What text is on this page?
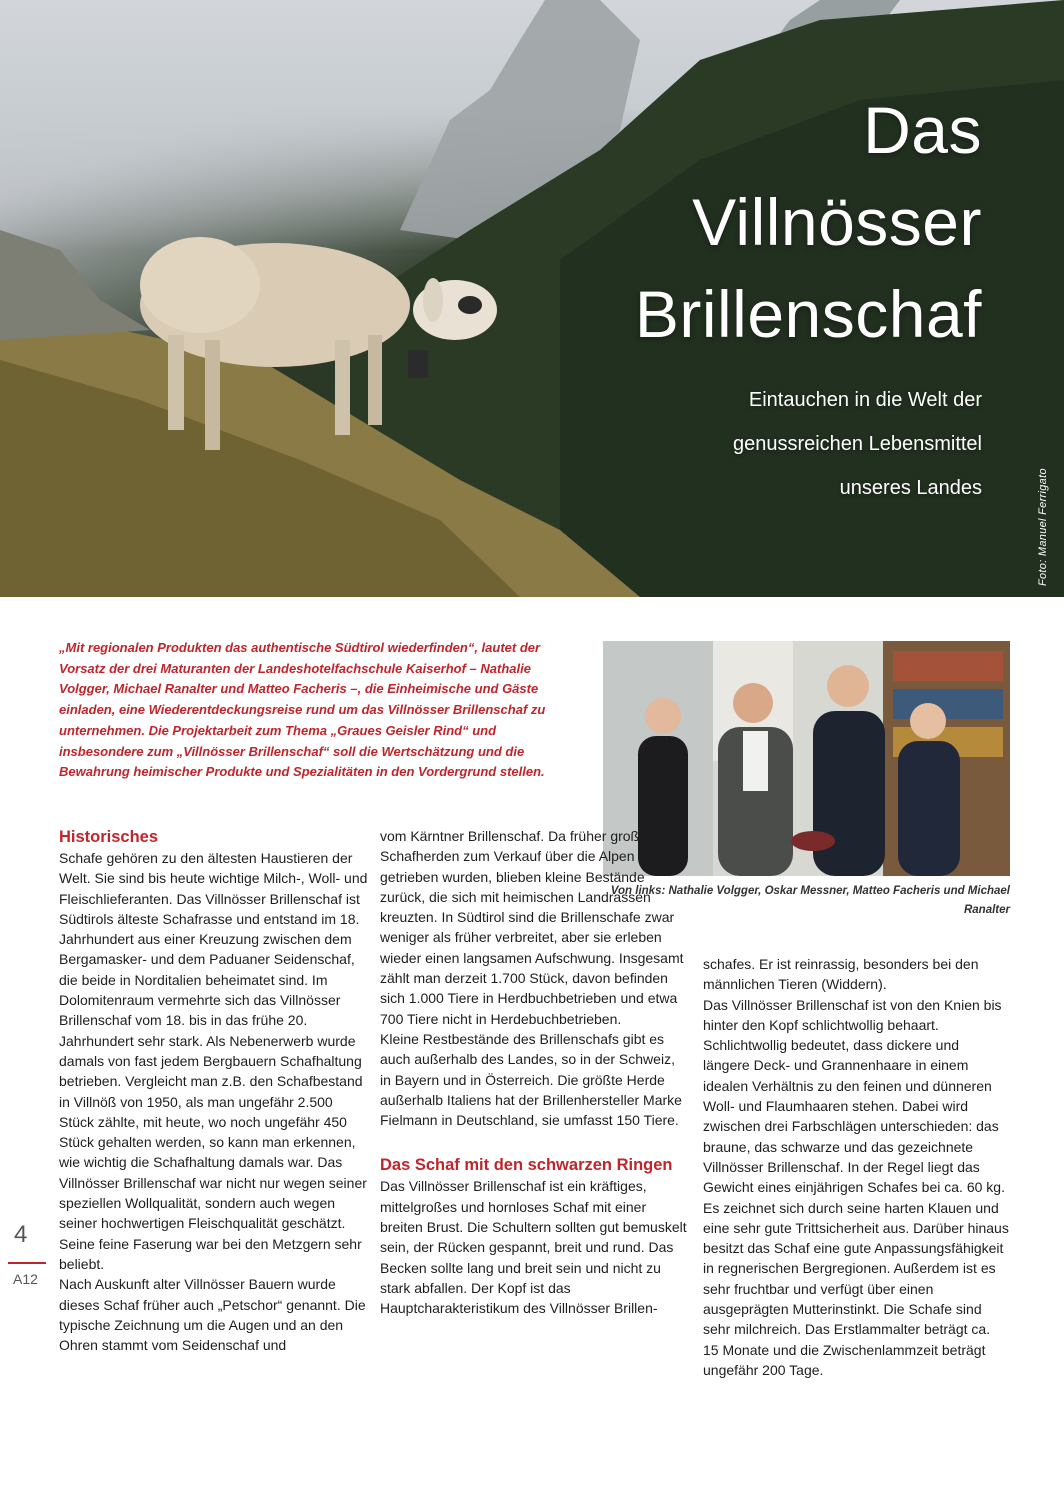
Das
Villnösser
Brillenschaf
Eintauchen in die Welt der
genussreichen Lebensmittel
unseres Landes	Foto: Manuel Ferrigato

„Mit regionalen Produkten das authentische Südtirol wiederfinden“, lautet der Vorsatz der drei Maturanten der Landeshotelfachschule Kaiserhof – Nathalie Volgger, Michael Ranalter und Matteo Facheris –, die Einheimische und Gäste einladen, eine Wiederentdeckungsreise rund um das Villnösser Brillenschaf zu unternehmen. Die Projektarbeit zum Thema „Graues Geisler Rind“ und insbesondere zum „Villnösser Brillenschaf“ soll die Wertschätzung und die Bewahrung heimischer Produkte und Spezialitäten in den Vordergrund stellen.

Von links: Nathalie Volgger, Oskar Messner, Matteo Facheris und Michael Ranalter

Historisches

Schafe gehören zu den ältesten Haustieren der Welt. Sie sind bis heute wichtige Milch-, Woll- und Fleischlieferanten. Das Villnösser Brillenschaf ist Südtirols älteste Schafrasse und entstand im 18. Jahrhundert aus einer Kreuzung zwischen dem Bergamasker- und dem Paduaner Seidenschaf, die beide in Norditalien beheimatet sind. Im Dolomitenraum vermehrte sich das Villnösser Brillenschaf vom 18. bis in das frühe 20. Jahrhundert sehr stark. Als Nebenerwerb wurde damals von fast jedem Bergbauern Schafhaltung betrieben. Vergleicht man z.B. den Schafbestand in Villnöß von 1950, als man ungefähr 2.500 Stück zählte, mit heute, wo noch ungefähr 450 Stück gehalten werden, so kann man erkennen, wie wichtig die Schafhaltung damals war. Das Villnösser Brillenschaf war nicht nur wegen seiner speziellen Wollqualität, sondern auch wegen seiner hochwertigen Fleischqualität geschätzt. Seine feine Faserung war bei den Metzgern sehr beliebt.

Nach Auskunft alter Villnösser Bauern wurde dieses Schaf früher auch „Petschor“ genannt. Die typische Zeichnung um die Augen und an den Ohren stammt vom Seidenschaf und

vom Kärntner Brillenschaf. Da früher große Schafherden zum Verkauf über die Alpen getrieben wurden, blieben kleine Bestände zurück, die sich mit heimischen Landrassen kreuzten. In Südtirol sind die Brillenschafe zwar weniger als früher verbreitet, aber sie erleben wieder einen langsamen Aufschwung. Insgesamt zählt man derzeit 1.700 Stück, davon befinden sich 1.000 Tiere in Herdbuchbetrieben und etwa 700 Tiere nicht in Herdebuchbetrieben.

Kleine Restbestände des Brillenschafs gibt es auch außerhalb des Landes, so in der Schweiz, in Bayern und in Österreich. Die größte Herde außerhalb Italiens hat der Brillenhersteller Marke Fielmann in Deutschland, sie umfasst 150 Tiere.

Das Schaf mit den schwarzen Ringen

Das Villnösser Brillenschaf ist ein kräftiges, mittelgroßes und hornloses Schaf mit einer breiten Brust. Die Schultern sollten gut bemuskelt sein, der Rücken gespannt, breit und rund. Das Becken sollte lang und breit sein und nicht zu stark abfallen. Der Kopf ist das Hauptcharakteristikum des Villnösser Brillen-

schafes. Er ist reinrassig, besonders bei den männlichen Tieren (Widdern).

Das Villnösser Brillenschaf ist von den Knien bis hinter den Kopf schlichtwollig behaart. Schlichtwollig bedeutet, dass dickere und längere Deck- und Grannenhaare in einem idealen Verhältnis zu den feinen und dünneren Woll- und Flaumhaaren stehen. Dabei wird zwischen drei Farbschlägen unterschieden: das braune, das schwarze und das gezeichnete Villnösser Brillenschaf. In der Regel liegt das Gewicht eines einjährigen Schafes bei ca. 60 kg. Es zeichnet sich durch seine harten Klauen und eine sehr gute Trittsicherheit aus. Darüber hinaus besitzt das Schaf eine gute Anpassungsfähigkeit in regnerischen Bergregionen. Außerdem ist es sehr fruchtbar und verfügt über einen ausgeprägten Mutterinstinkt. Die Schafe sind sehr milchreich. Das Erstlammalter beträgt ca. 15 Monate und die Zwischenlammzeit beträgt ungefähr 200 Tage.

4
A12
